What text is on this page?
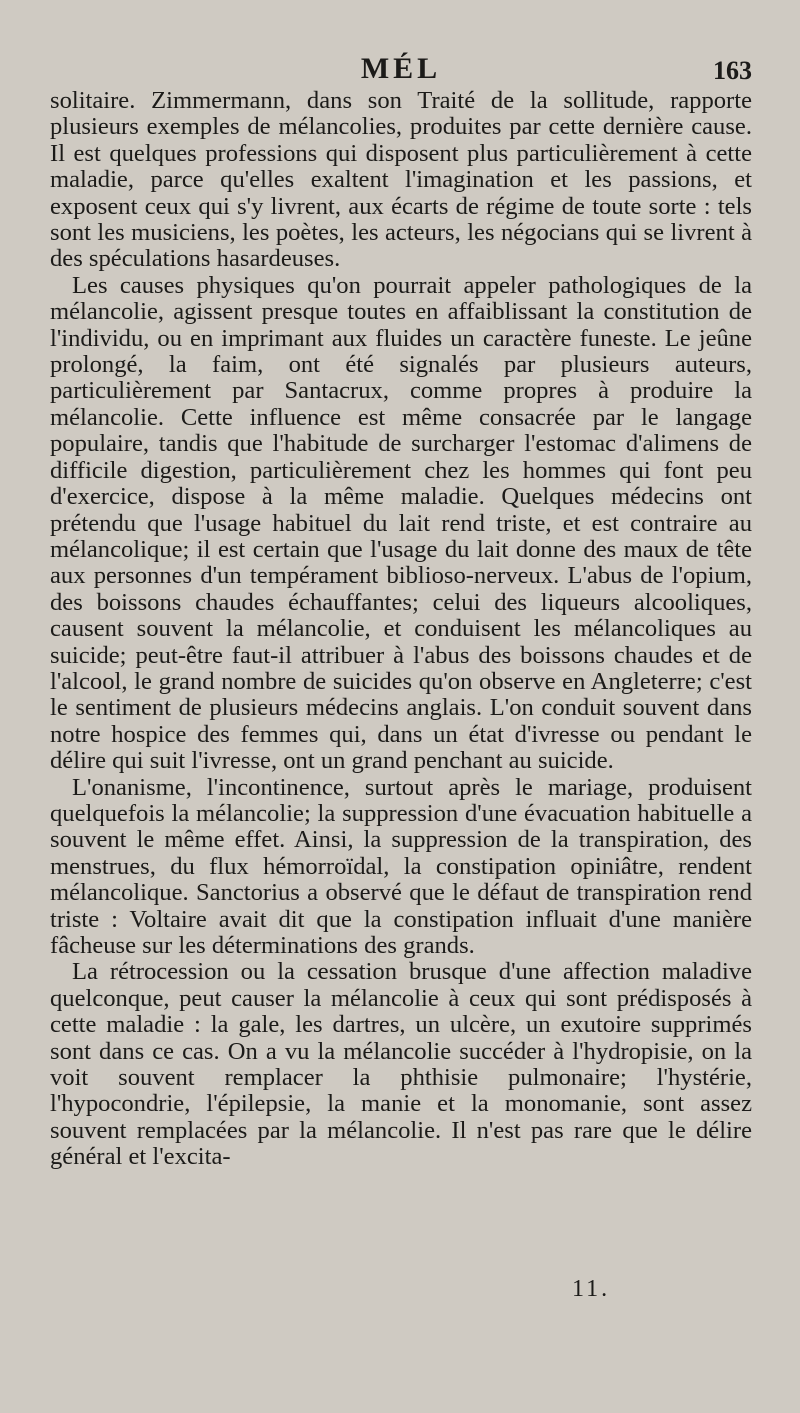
MÉL	163

solitaire. Zimmermann, dans son Traité de la sollitude, rapporte plusieurs exemples de mélancolies, produites par cette dernière cause. Il est quelques professions qui disposent plus particulièrement à cette maladie, parce qu'elles exaltent l'imagination et les passions, et exposent ceux qui s'y livrent, aux écarts de régime de toute sorte : tels sont les musiciens, les poètes, les acteurs, les négocians qui se livrent à des spéculations hasardeuses.

Les causes physiques qu'on pourrait appeler pathologiques de la mélancolie, agissent presque toutes en affaiblissant la constitution de l'individu, ou en imprimant aux fluides un caractère funeste. Le jeûne prolongé, la faim, ont été signalés par plusieurs auteurs, particulièrement par Santacrux, comme propres à produire la mélancolie. Cette influence est même consacrée par le langage populaire, tandis que l'habitude de surcharger l'estomac d'alimens de difficile digestion, particulièrement chez les hommes qui font peu d'exercice, dispose à la même maladie. Quelques médecins ont prétendu que l'usage habituel du lait rend triste, et est contraire au mélancolique; il est certain que l'usage du lait donne des maux de tête aux personnes d'un tempérament biblioso-nerveux. L'abus de l'opium, des boissons chaudes échauffantes; celui des liqueurs alcooliques, causent souvent la mélancolie, et conduisent les mélancoliques au suicide; peut-être faut-il attribuer à l'abus des boissons chaudes et de l'alcool, le grand nombre de suicides qu'on observe en Angleterre; c'est le sentiment de plusieurs médecins anglais. L'on conduit souvent dans notre hospice des femmes qui, dans un état d'ivresse ou pendant le délire qui suit l'ivresse, ont un grand penchant au suicide.

L'onanisme, l'incontinence, surtout après le mariage, produisent quelquefois la mélancolie; la suppression d'une évacuation habituelle a souvent le même effet. Ainsi, la suppression de la transpiration, des menstrues, du flux hémorroïdal, la constipation opiniâtre, rendent mélancolique. Sanctorius a observé que le défaut de transpiration rend triste : Voltaire avait dit que la constipation influait d'une manière fâcheuse sur les déterminations des grands.

La rétrocession ou la cessation brusque d'une affection maladive quelconque, peut causer la mélancolie à ceux qui sont prédisposés à cette maladie : la gale, les dartres, un ulcère, un exutoire supprimés sont dans ce cas. On a vu la mélancolie succéder à l'hydropisie, on la voit souvent remplacer la phthisie pulmonaire; l'hystérie, l'hypocondrie, l'épilepsie, la manie et la monomanie, sont assez souvent remplacées par la mélancolie. Il n'est pas rare que le délire général et l'excita-

11.
